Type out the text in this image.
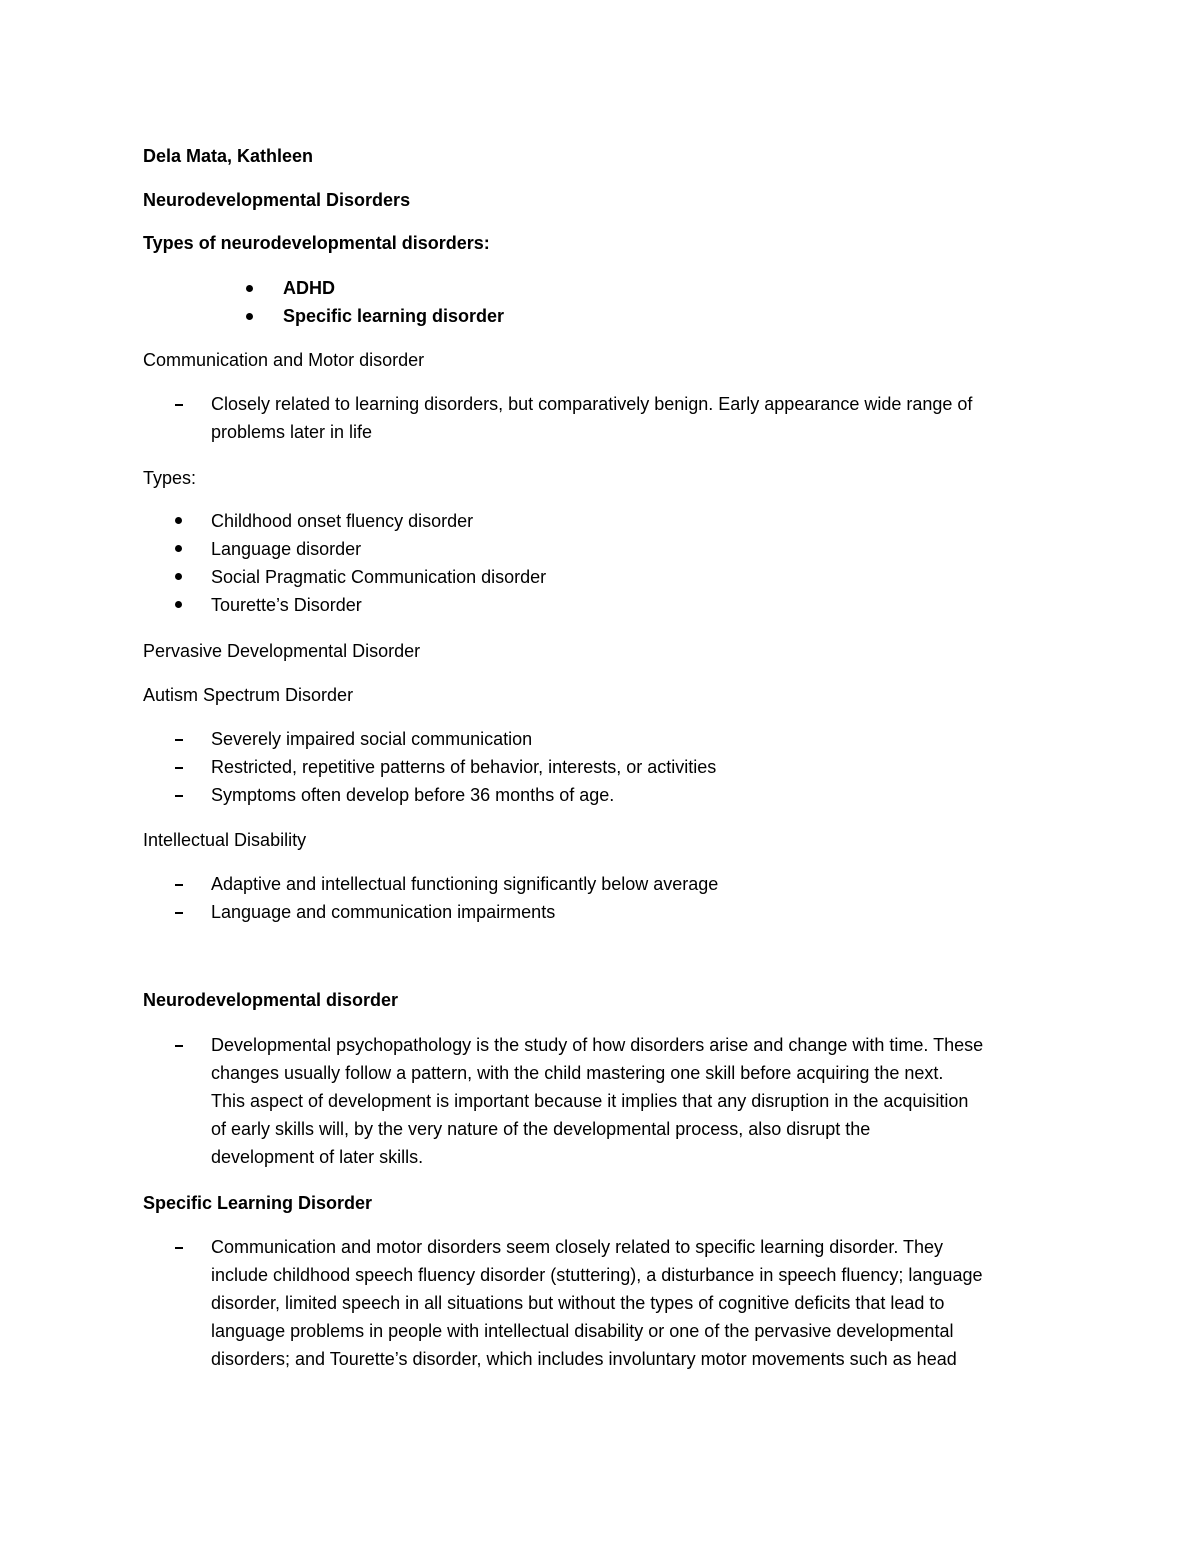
Dela Mata, Kathleen
Neurodevelopmental Disorders
Types of neurodevelopmental disorders:
ADHD
Specific learning disorder
Communication and Motor disorder
Closely related to learning disorders, but comparatively benign. Early appearance wide range of
problems later in life
Types:
Childhood onset fluency disorder
Language disorder
Social Pragmatic Communication disorder
Tourette’s Disorder
Pervasive Developmental Disorder
Autism Spectrum Disorder
Severely impaired social communication
Restricted, repetitive patterns of behavior, interests, or activities
Symptoms often develop before 36 months of age.
Intellectual Disability
Adaptive and intellectual functioning significantly below average
Language and communication impairments
Neurodevelopmental disorder
Developmental psychopathology is the study of how disorders arise and change with time. These
changes usually follow a pattern, with the child mastering one skill before acquiring the next.
This aspect of development is important because it implies that any disruption in the acquisition
of early skills will, by the very nature of the developmental process, also disrupt the
development of later skills.
Specific Learning Disorder
Communication and motor disorders seem closely related to specific learning disorder. They
include childhood speech fluency disorder (stuttering), a disturbance in speech fluency; language
disorder, limited speech in all situations but without the types of cognitive deficits that lead to
language problems in people with intellectual disability or one of the pervasive developmental
disorders; and Tourette’s disorder, which includes involuntary motor movements such as head
